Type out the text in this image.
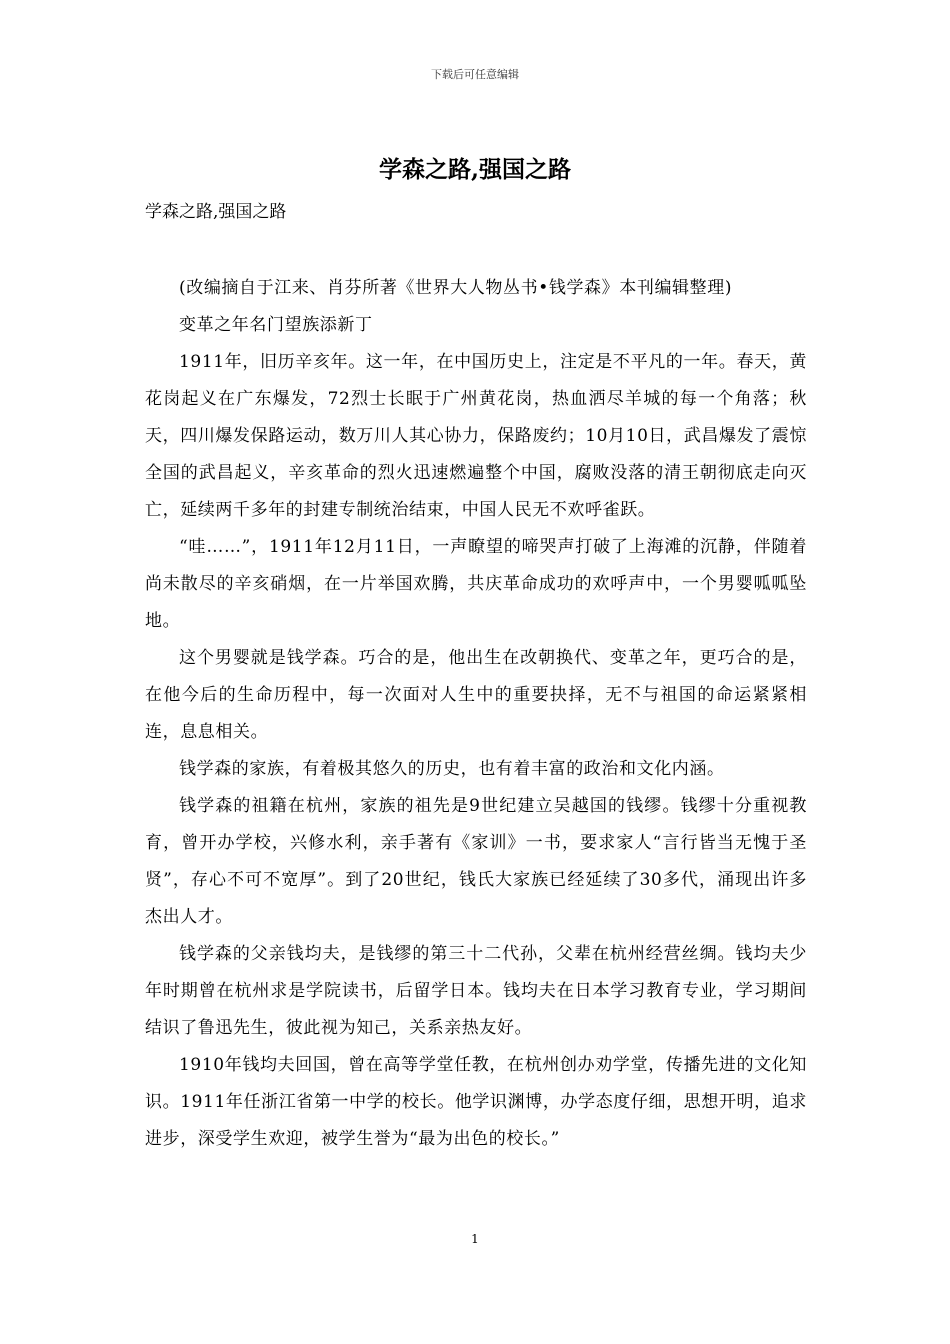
下载后可任意编辑
学森之路,强国之路
学森之路,强国之路

(改编摘自于江来、肖芬所著《世界大人物丛书•钱学森》本刊编辑整理)

变革之年名门望族添新丁

1911年，旧历辛亥年。这一年，在中国历史上，注定是不平凡的一年。春天，黄花岗起义在广东爆发，72烈士长眠于广州黄花岗，热血洒尽羊城的每一个角落；秋天，四川爆发保路运动，数万川人其心协力，保路废约；10月10日，武昌爆发了震惊全国的武昌起义，辛亥革命的烈火迅速燃遍整个中国，腐败没落的清王朝彻底走向灭亡，延续两千多年的封建专制统治结束，中国人民无不欢呼雀跃。

“哇……”，1911年12月11日，一声瞭望的啼哭声打破了上海滩的沉静，伴随着尚未散尽的辛亥硝烟，在一片举国欢腾，共庆革命成功的欢呼声中，一个男婴呱呱坠地。

这个男婴就是钱学森。巧合的是，他出生在改朝换代、变革之年，更巧合的是，在他今后的生命历程中，每一次面对人生中的重要抉择，无不与祖国的命运紧紧相连，息息相关。

钱学森的家族，有着极其悠久的历史，也有着丰富的政治和文化内涵。

钱学森的祖籍在杭州，家族的祖先是9世纪建立吴越国的钱缪。钱缪十分重视教育，曾开办学校，兴修水利，亲手著有《家训》一书，要求家人“言行皆当无愧于圣贤”，存心不可不宽厚”。到了20世纪，钱氏大家族已经延续了30多代，涌现出许多杰出人才。

钱学森的父亲钱均夫，是钱缪的第三十二代孙，父辈在杭州经营丝绸。钱均夫少年时期曾在杭州求是学院读书，后留学日本。钱均夫在日本学习教育专业，学习期间结识了鲁迅先生，彼此视为知己，关系亲热友好。

1910年钱均夫回国，曾在高等学堂任教，在杭州创办劝学堂，传播先进的文化知识。1911年任浙江省第一中学的校长。他学识渊博，办学态度仔细，思想开明，追求进步，深受学生欢迎，被学生誉为“最为出色的校长。”

1
